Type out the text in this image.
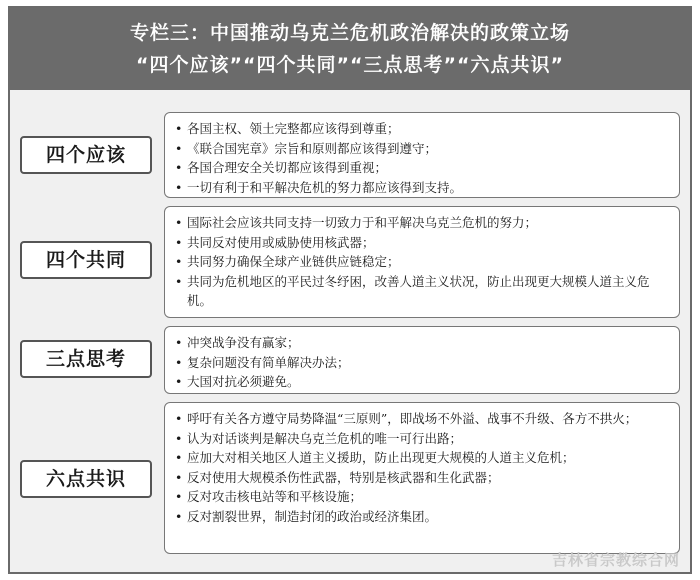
专栏三：中国推动乌克兰危机政治解决的政策立场
“四个应该”“四个共同”“三点思考”“六点共识”
四个应该
• 各国主权、领土完整都应该得到尊重；
• 《联合国宪章》宗旨和原则都应该得到遵守；
• 各国合理安全关切都应该得到重视；
• 一切有利于和平解决危机的努力都应该得到支持。
四个共同
• 国际社会应该共同支持一切致力于和平解决乌克兰危机的努力；
• 共同反对使用或威胁使用核武器；
• 共同努力确保全球产业链供应链稳定；
• 共同为危机地区的平民过冬纾困，改善人道主义状况，防止出现更大规模人道主义危机。
三点思考
• 冲突战争没有赢家；
• 复杂问题没有简单解决办法；
• 大国对抗必须避免。
六点共识
• 呼吁有关各方遵守局势降温“三原则”，即战场不外溢、战事不升级、各方不拱火；
• 认为对话谈判是解决乌克兰危机的唯一可行出路；
• 应加大对相关地区人道主义援助，防止出现更大规模的人道主义危机；
• 反对使用大规模杀伤性武器，特别是核武器和生化武器；
• 反对攻击核电站等和平核设施；
• 反对割裂世界，制造封闭的政治或经济集团。
吉林省宗教综合网
